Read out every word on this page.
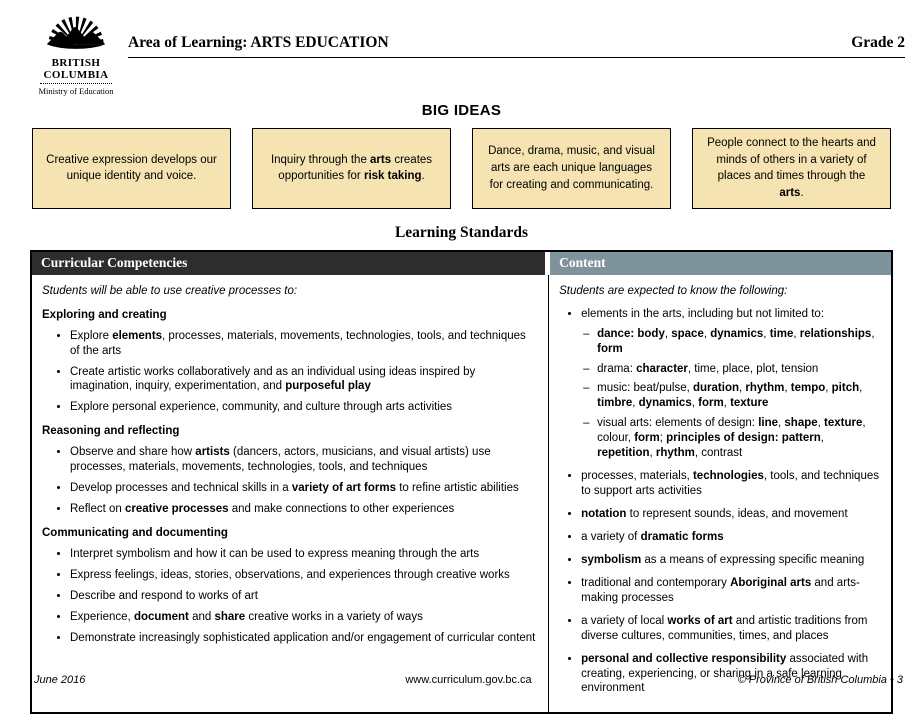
BRITISH
COLUMBIA
Ministry of Education
Area of Learning: ARTS EDUCATION	Grade 2
BIG IDEAS
Creative expression develops our unique identity and voice.
Inquiry through the arts creates opportunities for risk taking.
Dance, drama, music, and visual arts are each unique languages for creating and communicating.
People connect to the hearts and minds of others in a variety of places and times through the arts.
Learning Standards
Curricular Competencies
Students will be able to use creative processes to:
Exploring and creating
• Explore elements, processes, materials, movements, technologies, tools, and techniques of the arts
• Create artistic works collaboratively and as an individual using ideas inspired by imagination, inquiry, experimentation, and purposeful play
• Explore personal experience, community, and culture through arts activities
Reasoning and reflecting
• Observe and share how artists (dancers, actors, musicians, and visual artists) use processes, materials, movements, technologies, tools, and techniques
• Develop processes and technical skills in a variety of art forms to refine artistic abilities
• Reflect on creative processes and make connections to other experiences
Communicating and documenting
• Interpret symbolism and how it can be used to express meaning through the arts
• Express feelings, ideas, stories, observations, and experiences through creative works
• Describe and respond to works of art
• Experience, document and share creative works in a variety of ways
• Demonstrate increasingly sophisticated application and/or engagement of curricular content
Content
Students are expected to know the following:
• elements in the arts, including but not limited to:
– dance: body, space, dynamics, time, relationships, form
– drama: character, time, place, plot, tension
– music: beat/pulse, duration, rhythm, tempo, pitch, timbre, dynamics, form, texture
– visual arts: elements of design: line, shape, texture, colour, form; principles of design: pattern, repetition, rhythm, contrast
• processes, materials, technologies, tools, and techniques to support arts activities
• notation to represent sounds, ideas, and movement
• a variety of dramatic forms
• symbolism as a means of expressing specific meaning
• traditional and contemporary Aboriginal arts and arts-making processes
• a variety of local works of art and artistic traditions from diverse cultures, communities, times, and places
• personal and collective responsibility associated with creating, experiencing, or sharing in a safe learning environment
June 2016	www.curriculum.gov.bc.ca	© Province of British Columbia • 3
